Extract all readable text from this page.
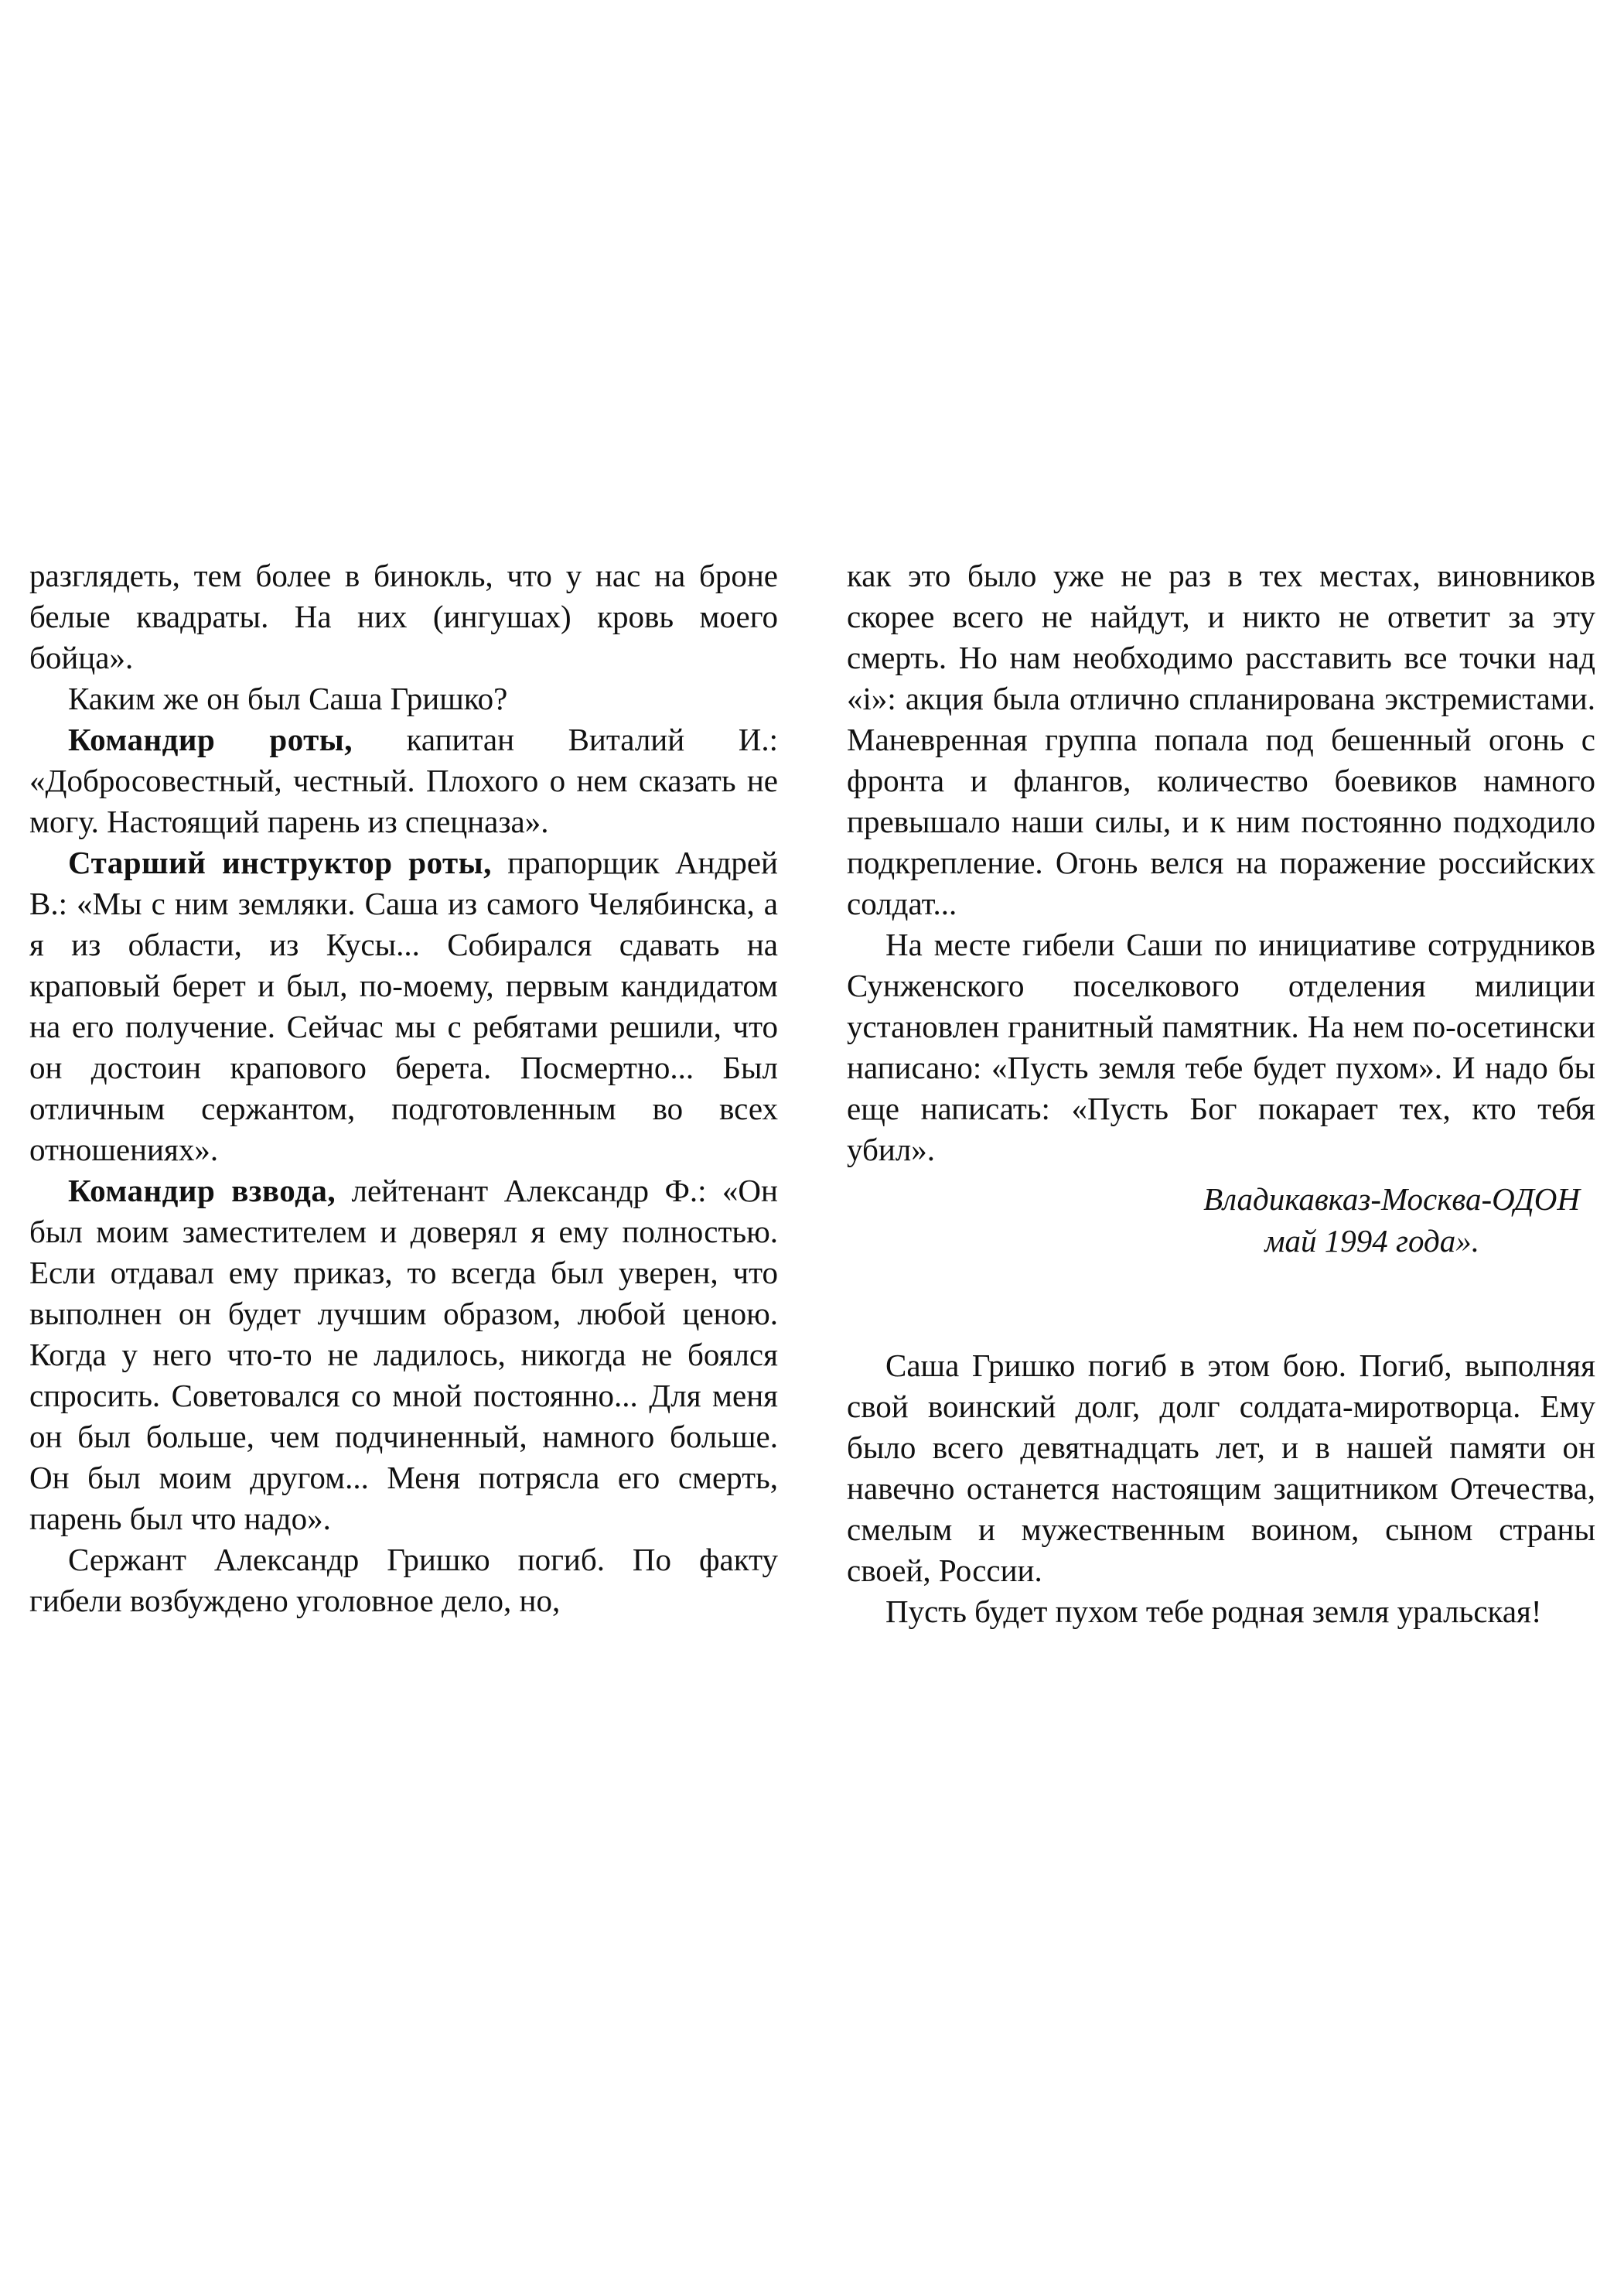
разглядеть, тем более в бинокль, что у нас на броне белые квадраты. На них (ингушах) кровь моего бойца».

Каким же он был Саша Гришко?

Командир роты, капитан Виталий И.: «Добросовестный, честный. Плохого о нем сказать не могу. Настоящий парень из спецназа».

Старший инструктор роты, прапорщик Андрей В.: «Мы с ним земляки. Саша из самого Челябинска, а я из области, из Кусы... Собирался сдавать на краповый берет и был, по-моему, первым кандидатом на его получение. Сейчас мы с ребятами решили, что он достоин крапового берета. Посмертно... Был отличным сержантом, подготовленным во всех отношениях».

Командир взвода, лейтенант Александр Ф.: «Он был моим заместителем и доверял я ему полностью. Если отдавал ему приказ, то всегда был уверен, что выполнен он будет лучшим образом, любой ценою. Когда у него что-то не ладилось, никогда не боялся спросить. Советовался со мной постоянно... Для меня он был больше, чем подчиненный, намного больше. Он был моим другом... Меня потрясла его смерть, парень был что надо».

Сержант Александр Гришко погиб. По факту гибели возбуждено уголовное дело, но,

как это было уже не раз в тех местах, виновников скорее всего не найдут, и никто не ответит за эту смерть. Но нам необходимо расставить все точки над «і»: акция была отлично спланирована экстремистами. Маневренная группа попала под бешенный огонь с фронта и флангов, количество боевиков намного превышало наши силы, и к ним постоянно подходило подкрепление. Огонь велся на поражение российских солдат...

На месте гибели Саши по инициативе сотрудников Сунженского поселкового отделения милиции установлен гранитный памятник. На нем по-осетински написано: «Пусть земля тебе будет пухом». И надо бы еще написать: «Пусть Бог покарает тех, кто тебя убил».

Владикавказ-Москва-ОДОН
май 1994 года».

Саша Гришко погиб в этом бою. Погиб, выполняя свой воинский долг, долг солдата-миротворца. Ему было всего девятнадцать лет, и в нашей памяти он навечно останется настоящим защитником Отечества, смелым и мужественным воином, сыном страны своей, России.

Пусть будет пухом тебе родная земля уральская!
